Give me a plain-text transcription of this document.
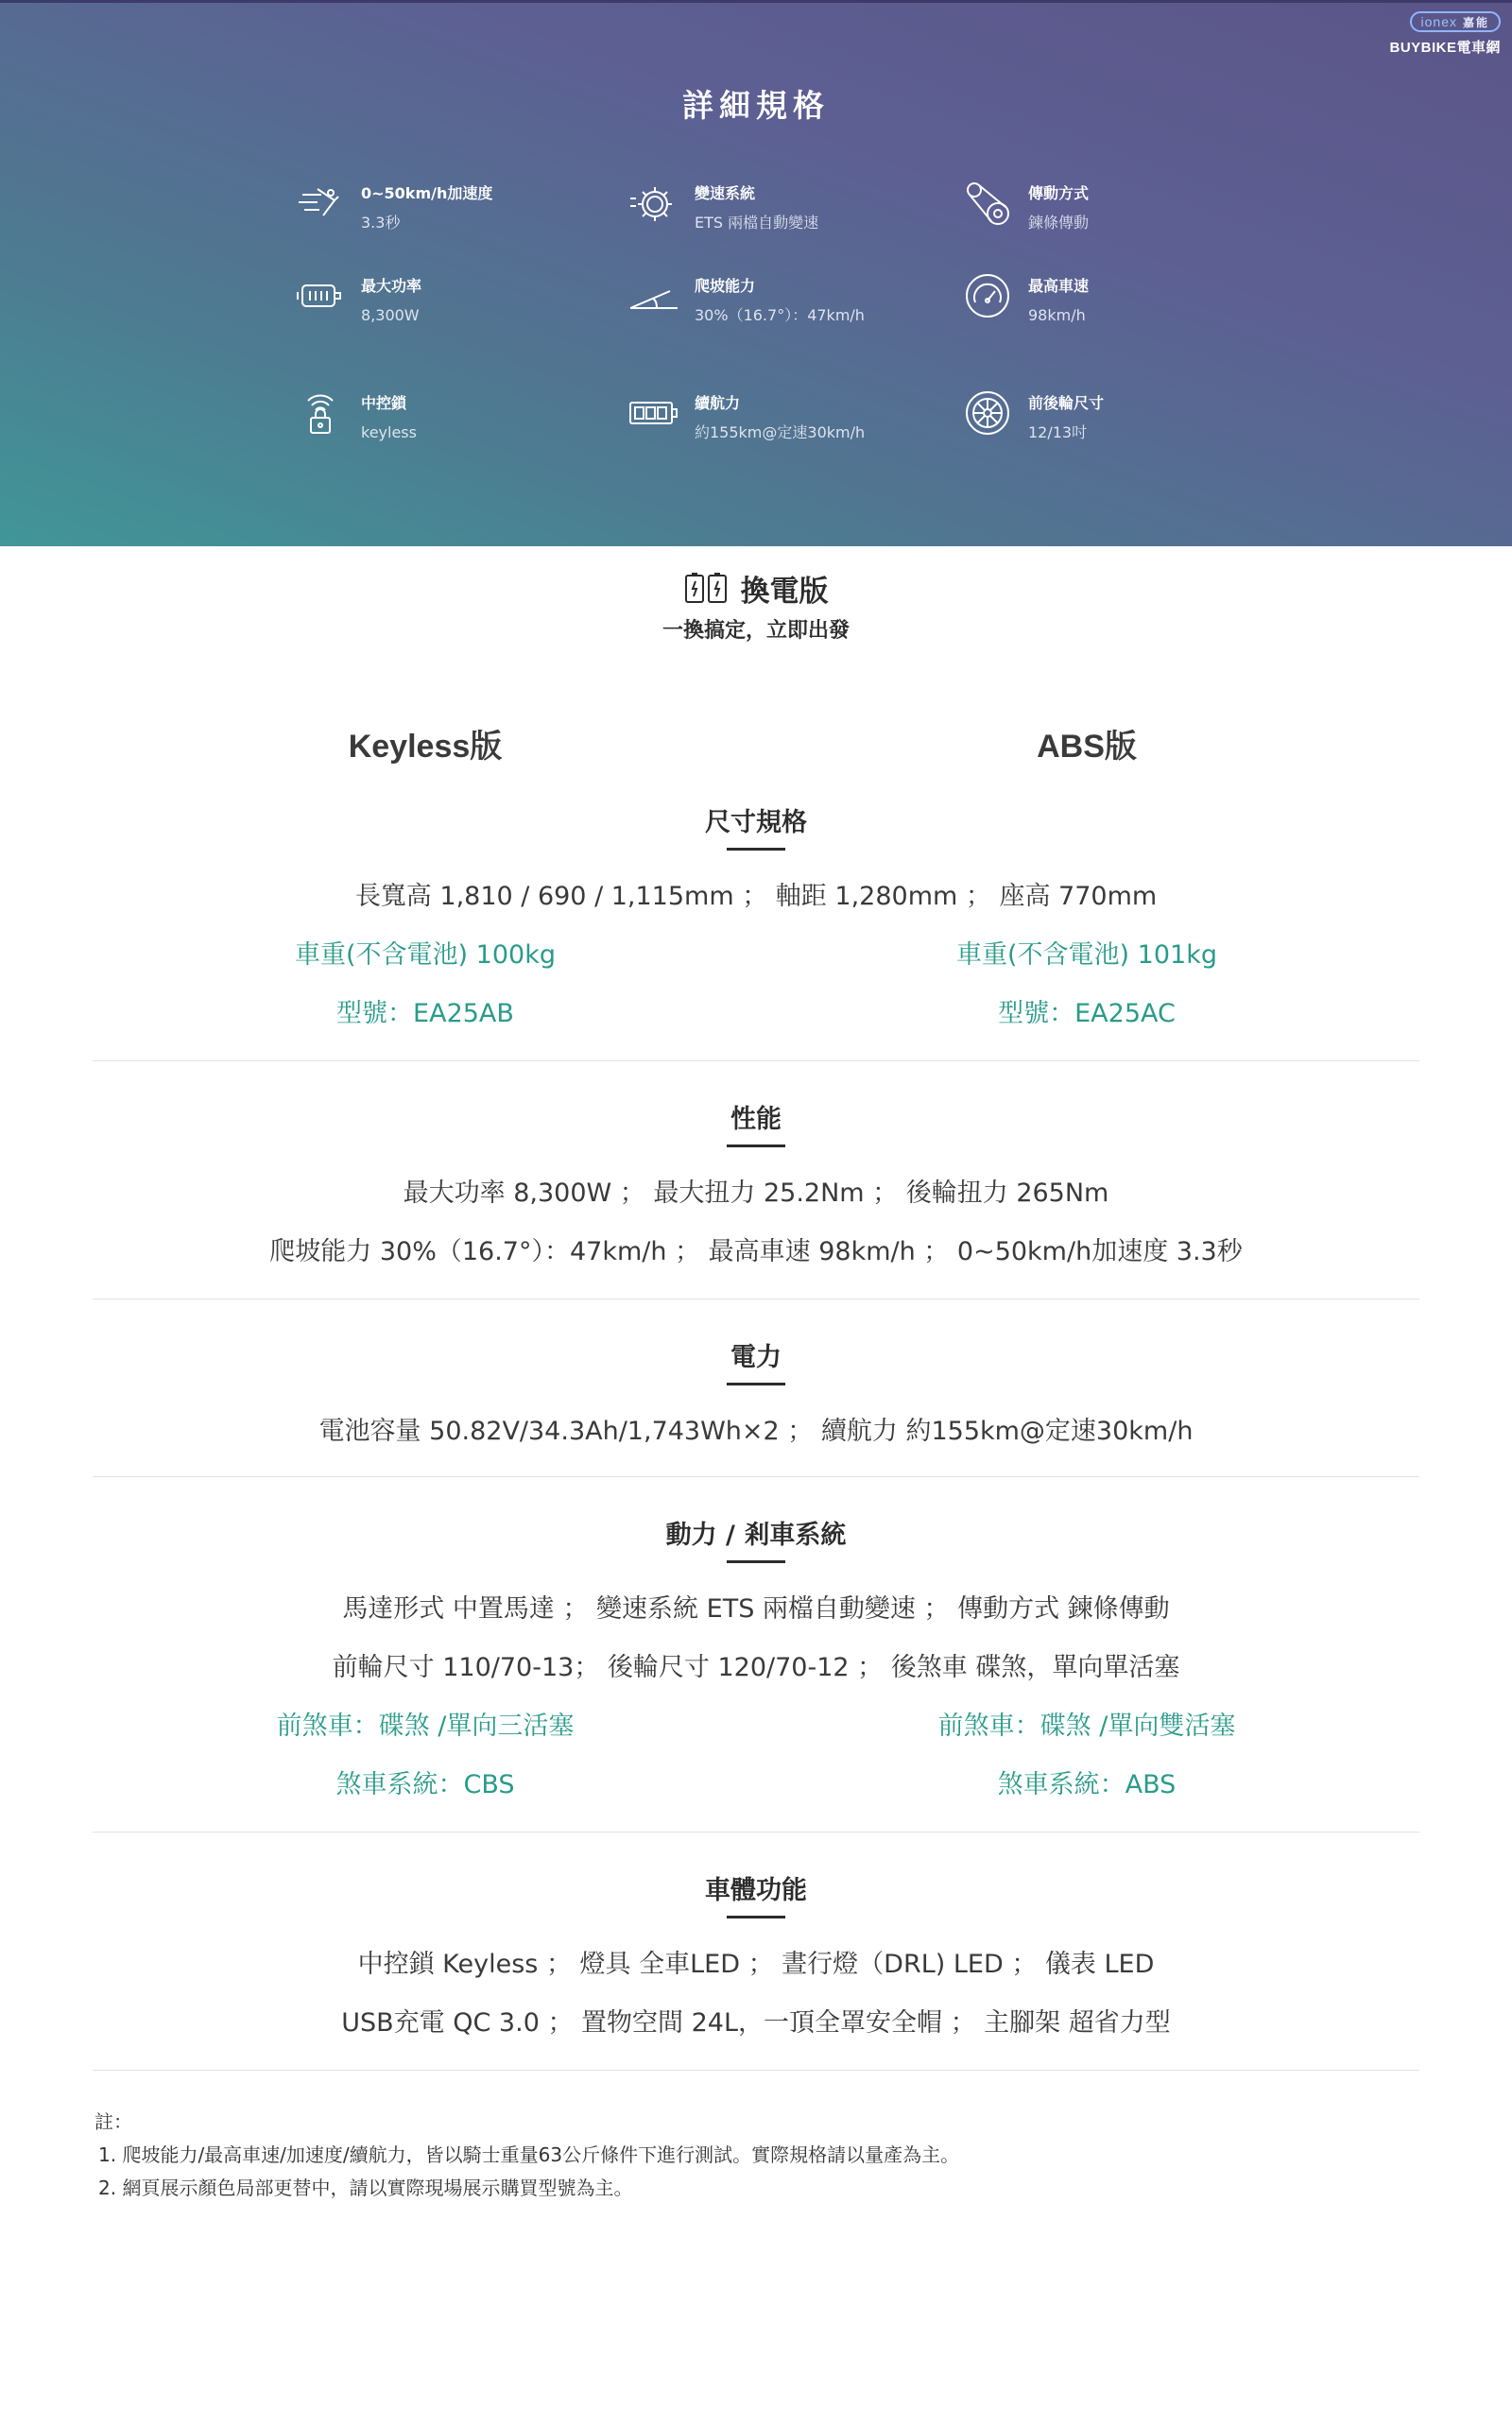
ionex 嘉能
BUYBIKE電車網
詳細規格
0~50km/h加速度
3.3秒
變速系統
ETS 兩檔自動變速
傳動方式
鍊條傳動
最大功率
8,300W
爬坡能力
30%（16.7°）：47km/h
最高車速
98km/h
中控鎖
keyless
續航力
約155km@定速30km/h
前後輪尺寸
12/13吋
換電版
一換搞定，立即出發
Keyless版	ABS版
尺寸規格
長寬高 1,810 / 690 / 1,115mm ； 軸距 1,280mm ； 座高 770mm
車重(不含電池) 100kg	車重(不含電池) 101kg
型號：EA25AB	型號：EA25AC
性能
最大功率 8,300W ； 最大扭力 25.2Nm ； 後輪扭力 265Nm
爬坡能力 30%（16.7°）：47km/h ； 最高車速 98km/h ； 0~50km/h加速度 3.3秒
電力
電池容量 50.82V/34.3Ah/1,743Wh×2 ； 續航力 約155km@定速30km/h
動力 / 剎車系統
馬達形式 中置馬達 ； 變速系統 ETS 兩檔自動變速 ； 傳動方式 鍊條傳動
前輪尺寸 110/70-13； 後輪尺寸 120/70-12 ； 後煞車 碟煞，單向單活塞
前煞車：碟煞 /單向三活塞	前煞車：碟煞 /單向雙活塞
煞車系統：CBS	煞車系統：ABS
車體功能
中控鎖 Keyless ； 燈具 全車LED ； 晝行燈（DRL) LED ； 儀表 LED
USB充電 QC 3.0 ； 置物空間 24L，一頂全罩安全帽 ； 主腳架 超省力型
註：
1. 爬坡能力/最高車速/加速度/續航力，皆以騎士重量63公斤條件下進行測試。實際規格請以量產為主。
2. 網頁展示顏色局部更替中，請以實際現場展示購買型號為主。
